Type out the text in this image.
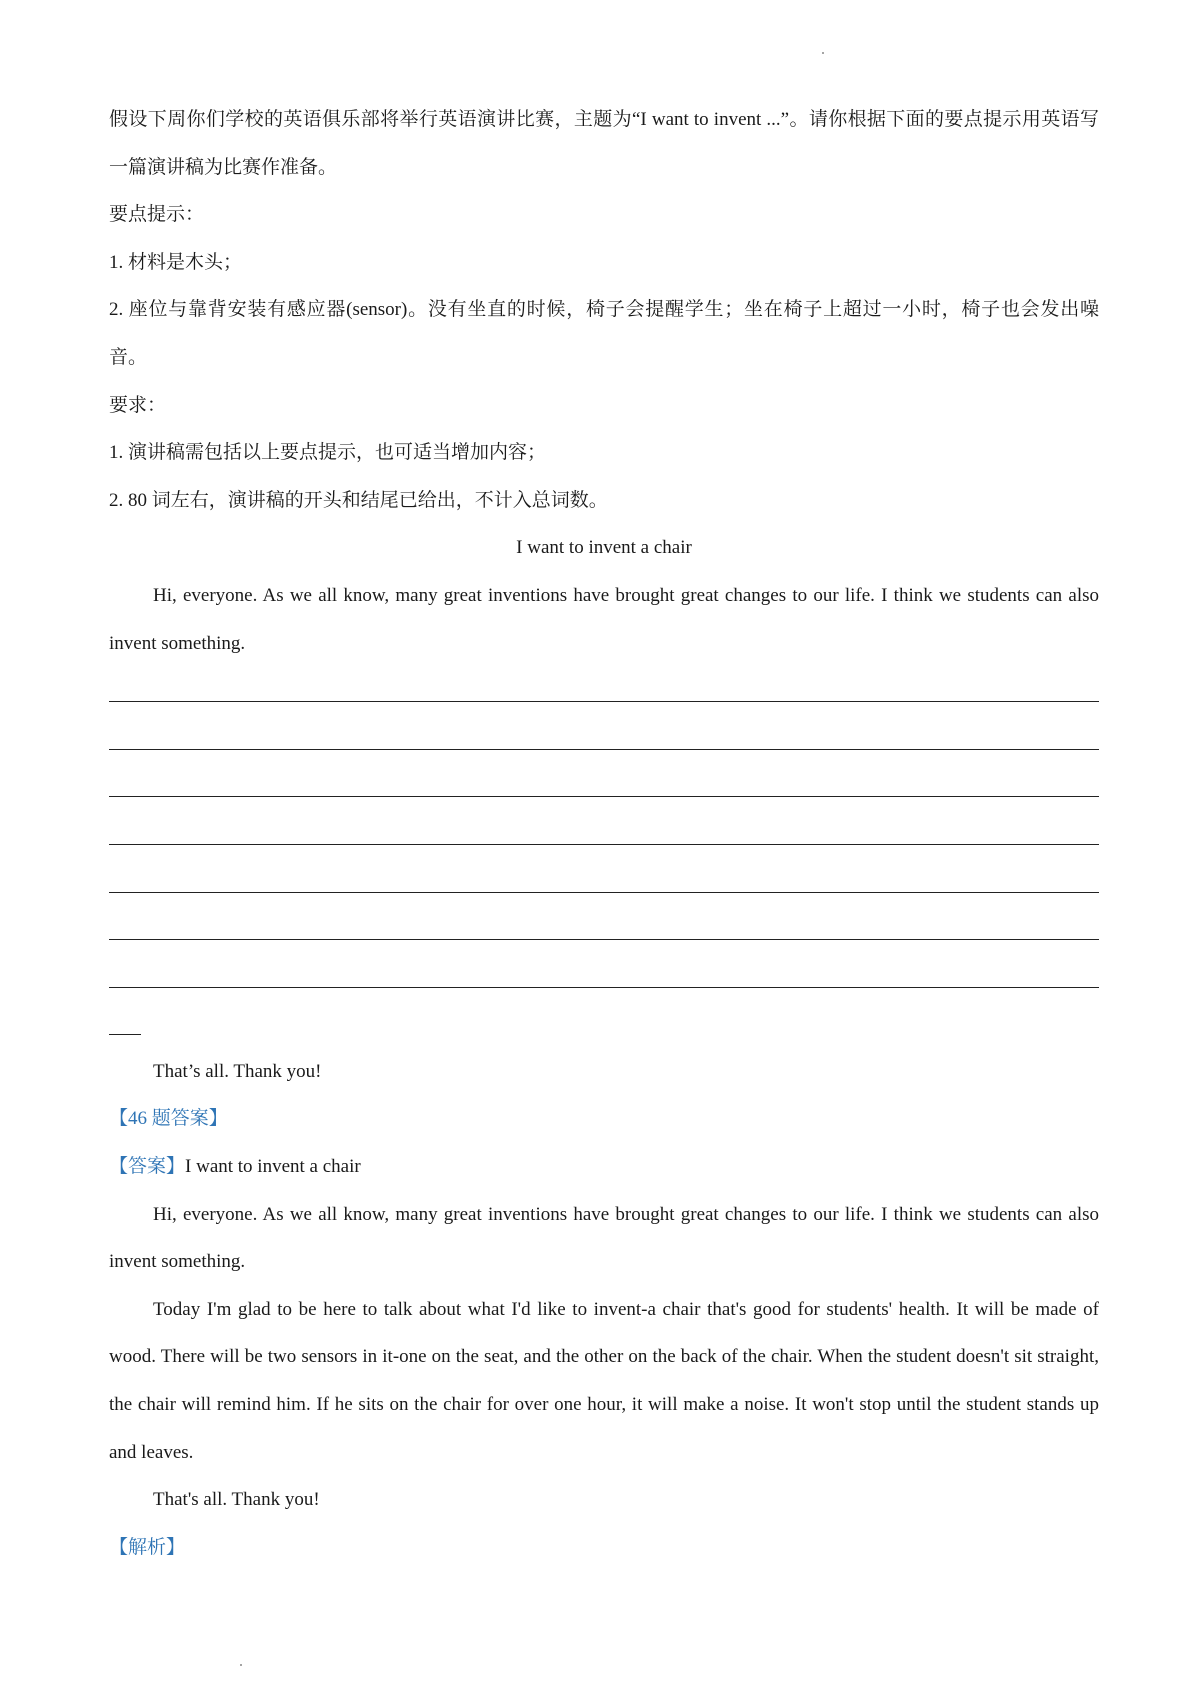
假设下周你们学校的英语俱乐部将举行英语演讲比赛，主题为“I want to invent ...”。请你根据下面的要点提示用英语写一篇演讲稿为比赛作准备。

要点提示：

1. 材料是木头；

2. 座位与靠背安装有感应器(sensor)。没有坐直的时候，椅子会提醒学生；坐在椅子上超过一小时，椅子也会发出噪音。

要求：

1. 演讲稿需包括以上要点提示，也可适当增加内容；

2. 80 词左右，演讲稿的开头和结尾已给出，不计入总词数。

I want to invent a chair

Hi, everyone. As we all know, many great inventions have brought great changes to our life. I think we students can also invent something.

That’s all. Thank you!

【46 题答案】

【答案】I want to invent a chair

Hi, everyone. As we all know, many great inventions have brought great changes to our life. I think we students can also invent something.

Today I'm glad to be here to talk about what I'd like to invent-a chair that's good for students' health. It will be made of wood. There will be two sensors in it-one on the seat, and the other on the back of the chair. When the student doesn't sit straight, the chair will remind him. If he sits on the chair for over one hour, it will make a noise. It won't stop until the student stands up and leaves.

That's all. Thank you!

【解析】
